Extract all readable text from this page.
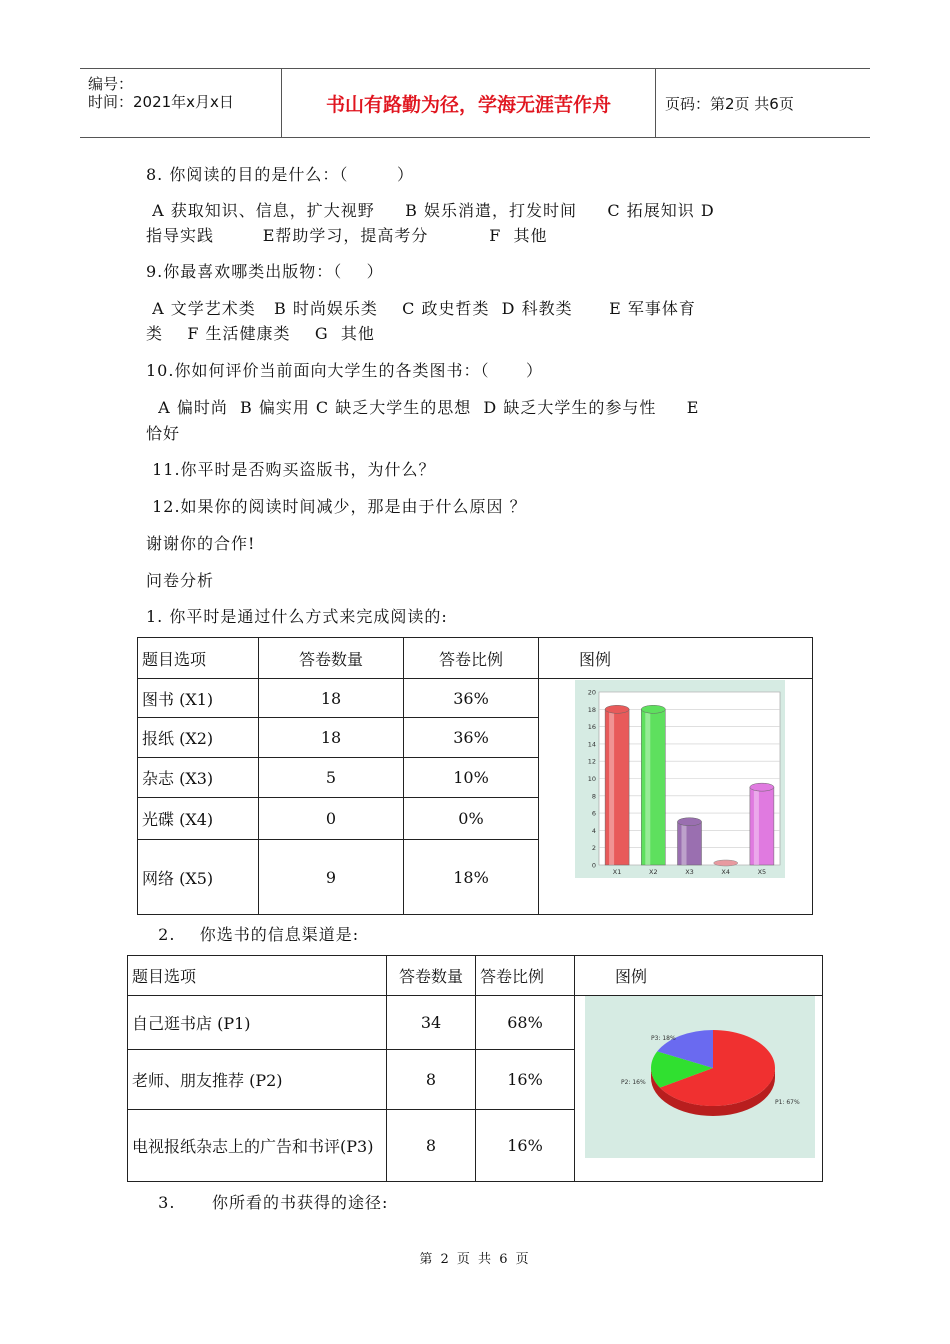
编号：
时间：2021年x月x日	书山有路勤为径，学海无涯苦作舟	页码：第2页 共6页
8. 你阅读的目的是什么：（        ）
A 获取知识、信息，扩大视野     B 娱乐消遣，打发时间     C 拓展知识 D
指导实践        E帮助学习，提高考分          F  其他
9.你最喜欢哪类出版物：（    ）
A 文学艺术类   B 时尚娱乐类    C 政史哲类  D 科教类      E 军事体育
类    F 生活健康类    G  其他
10.你如何评价当前面向大学生的各类图书：（      ）
A 偏时尚  B 偏实用 C 缺乏大学生的思想  D 缺乏大学生的参与性     E
恰好
11.你平时是否购买盗版书，为什么？
12.如果你的阅读时间减少，那是由于什么原因 ？
谢谢你的合作!
问卷分析
1. 你平时是通过什么方式来完成阅读的:
题目选项	答卷数量	答卷比例	图例
图书 (X1)	18	36%	
报纸 (X2)	18	36%	
杂志 (X3)	5	10%	
光碟 (X4)	0	0%	
网络 (X5)	9	18%	
0
2
4
6
8
10
12
14
16
18
20
X1	X2	X3	X4	X5
2.    你选书的信息渠道是:
题目选项	答卷数量	答卷比例	图例
自己逛书店 (P1)	34	68%	
老师、朋友推荐 (P2)	8	16%	
电视报纸杂志上的广告和书评(P3)	8	16%	
P1: 67%
P2: 16%
P3: 18%
3.      你所看的书获得的途径:
第 2 页 共 6 页
